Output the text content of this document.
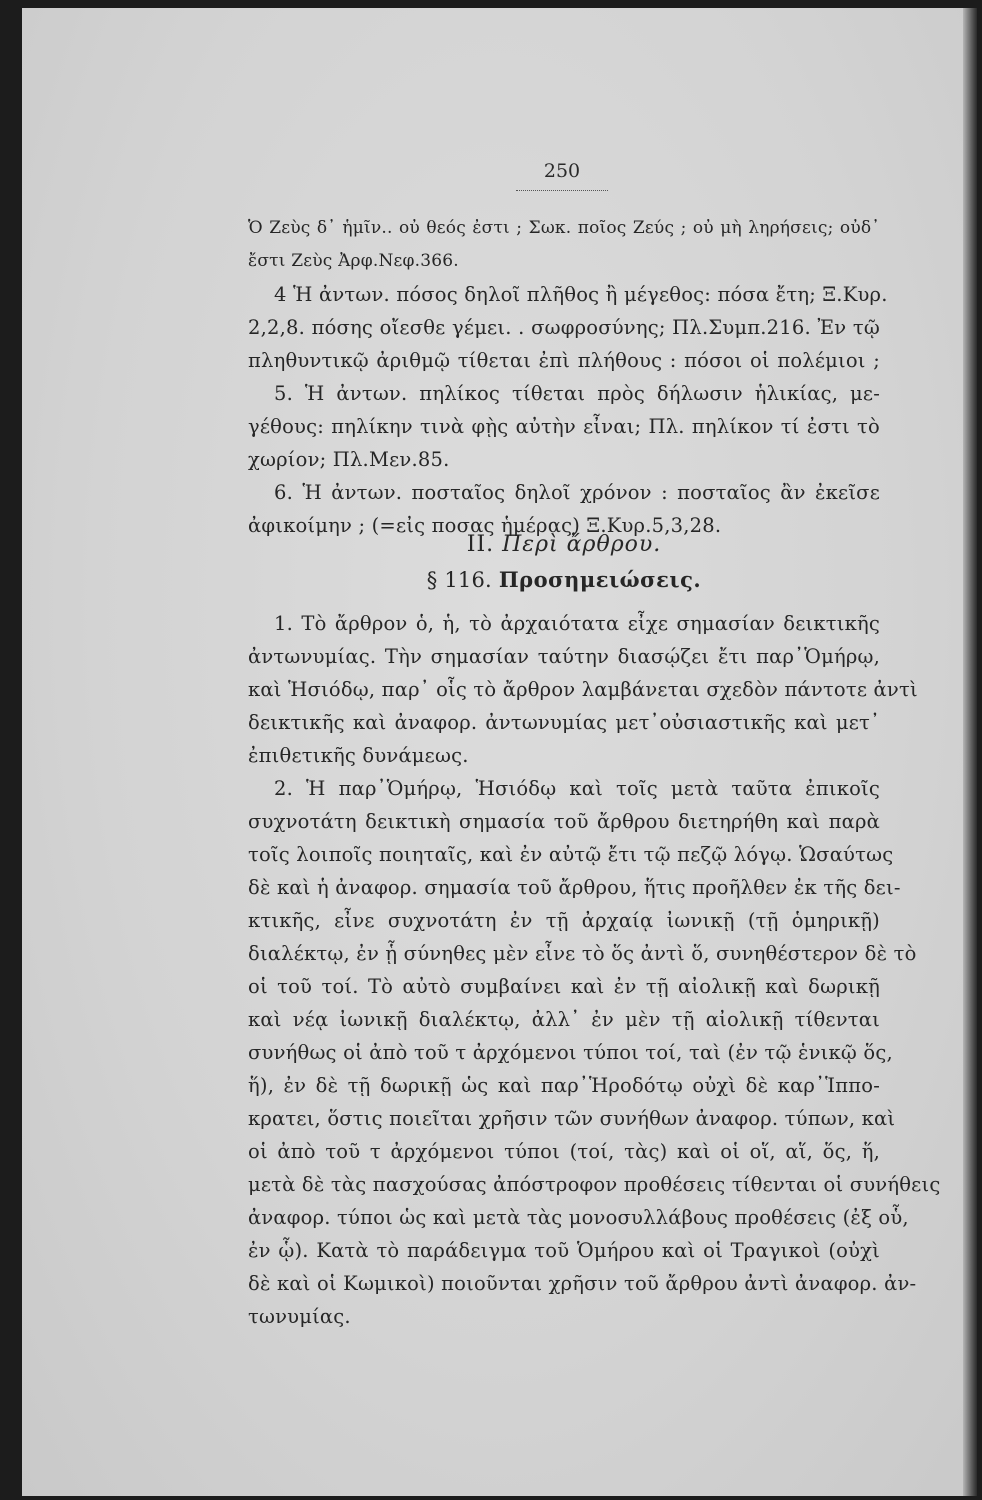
250
Ὁ Ζεὺς δ᾽ ἡμῖν.. οὐ θεός ἐστι ; Σωκ. ποῖος Ζεύς ; οὐ μὴ ληρήσεις; οὐδ᾽
ἔστι Ζεὺς Ἀρφ.Νεφ.366.
4 Ἡ ἀντων. πόσος δηλοῖ πλῆθος ἢ μέγεθος: πόσα ἔτη; Ξ.Κυρ.
2,2,8. πόσης οἴεσθε γέμει. . σωφροσύνης; Πλ.Συμπ.216. Ἐν τῷ
πληθυντικῷ ἀριθμῷ τίθεται ἐπὶ πλήθους : πόσοι οἱ πολέμιοι ;
5. Ἡ ἀντων. πηλίκος τίθεται πρὸς δήλωσιν ἡλικίας, με-
γέθους: πηλίκην τινὰ φῂς αὐτὴν εἶναι; Πλ. πηλίκον τί ἐστι τὸ
χωρίον; Πλ.Μεν.85.
6. Ἡ ἀντων. ποσταῖος δηλοῖ χρόνον : ποσταῖος ἂν ἐκεῖσε
ἀφικοίμην ; (=εἰς ποσας ἡμέρας) Ξ.Κυρ.5,3,28.
II. Περὶ ἄρθρου.
§ 116. Προσημειώσεις.
1. Τὸ ἄρθρον ὁ, ἡ, τὸ ἀρχαιότατα εἶχε σημασίαν δεικτικῆς
ἀντωνυμίας. Τὴν σημασίαν ταύτην διασῴζει ἔτι παρ᾽Ὁμήρῳ,
καὶ Ἡσιόδῳ, παρ᾽ οἷς τὸ ἄρθρον λαμβάνεται σχεδὸν πάντοτε ἀντὶ
δεικτικῆς καὶ ἀναφορ. ἀντωνυμίας μετ᾽οὐσιαστικῆς καὶ μετ᾽
ἐπιθετικῆς δυνάμεως.
2. Ἡ παρ᾽Ὁμήρῳ, Ἡσιόδῳ καὶ τοῖς μετὰ ταῦτα ἐπικοῖς
συχνοτάτη δεικτικὴ σημασία τοῦ ἄρθρου διετηρήθη καὶ παρὰ
τοῖς λοιποῖς ποιηταῖς, καὶ ἐν αὐτῷ ἔτι τῷ πεζῷ λόγῳ. Ὡσαύτως
δὲ καὶ ἡ ἀναφορ. σημασία τοῦ ἄρθρου, ἥτις προῆλθεν ἐκ τῆς δει-
κτικῆς, εἶνε συχνοτάτη ἐν τῇ ἀρχαίᾳ ἰωνικῇ (τῇ ὁμηρικῇ)
διαλέκτῳ, ἐν ᾗ σύνηθες μὲν εἶνε τὸ ὅς ἀντὶ ὅ, συνηθέστερον δὲ τὸ
οἱ τοῦ τοί. Τὸ αὐτὸ συμβαίνει καὶ ἐν τῇ αἰολικῇ καὶ δωρικῇ
καὶ νέᾳ ἰωνικῇ διαλέκτῳ, ἀλλ᾽ ἐν μὲν τῇ αἰολικῇ τίθενται
συνήθως οἱ ἀπὸ τοῦ τ ἀρχόμενοι τύποι τοί, ταὶ (ἐν τῷ ἑνικῷ ὅς,
ἥ), ἐν δὲ τῇ δωρικῇ ὡς καὶ παρ᾽Ἡροδότῳ οὐχὶ δὲ καρ᾽Ἱππο-
κρατει, ὅστις ποιεῖται χρῆσιν τῶν συνήθων ἀναφορ. τύπων, καὶ
οἱ ἀπὸ τοῦ τ ἀρχόμενοι τύποι (τοί, τὰς) καὶ οἱ οἵ, αἵ, ὅς, ἥ,
μετὰ δὲ τὰς πασχούσας ἀπόστροφον προθέσεις τίθενται οἱ συνήθεις
ἀναφορ. τύποι ὡς καὶ μετὰ τὰς μονοσυλλάβους προθέσεις (ἐξ οὗ,
ἐν ᾧ). Κατὰ τὸ παράδειγμα τοῦ Ὁμήρου καὶ οἱ Τραγικοὶ (οὐχὶ
δὲ καὶ οἱ Κωμικοὶ) ποιοῦνται χρῆσιν τοῦ ἄρθρου ἀντὶ ἀναφορ. ἀν-
τωνυμίας.
